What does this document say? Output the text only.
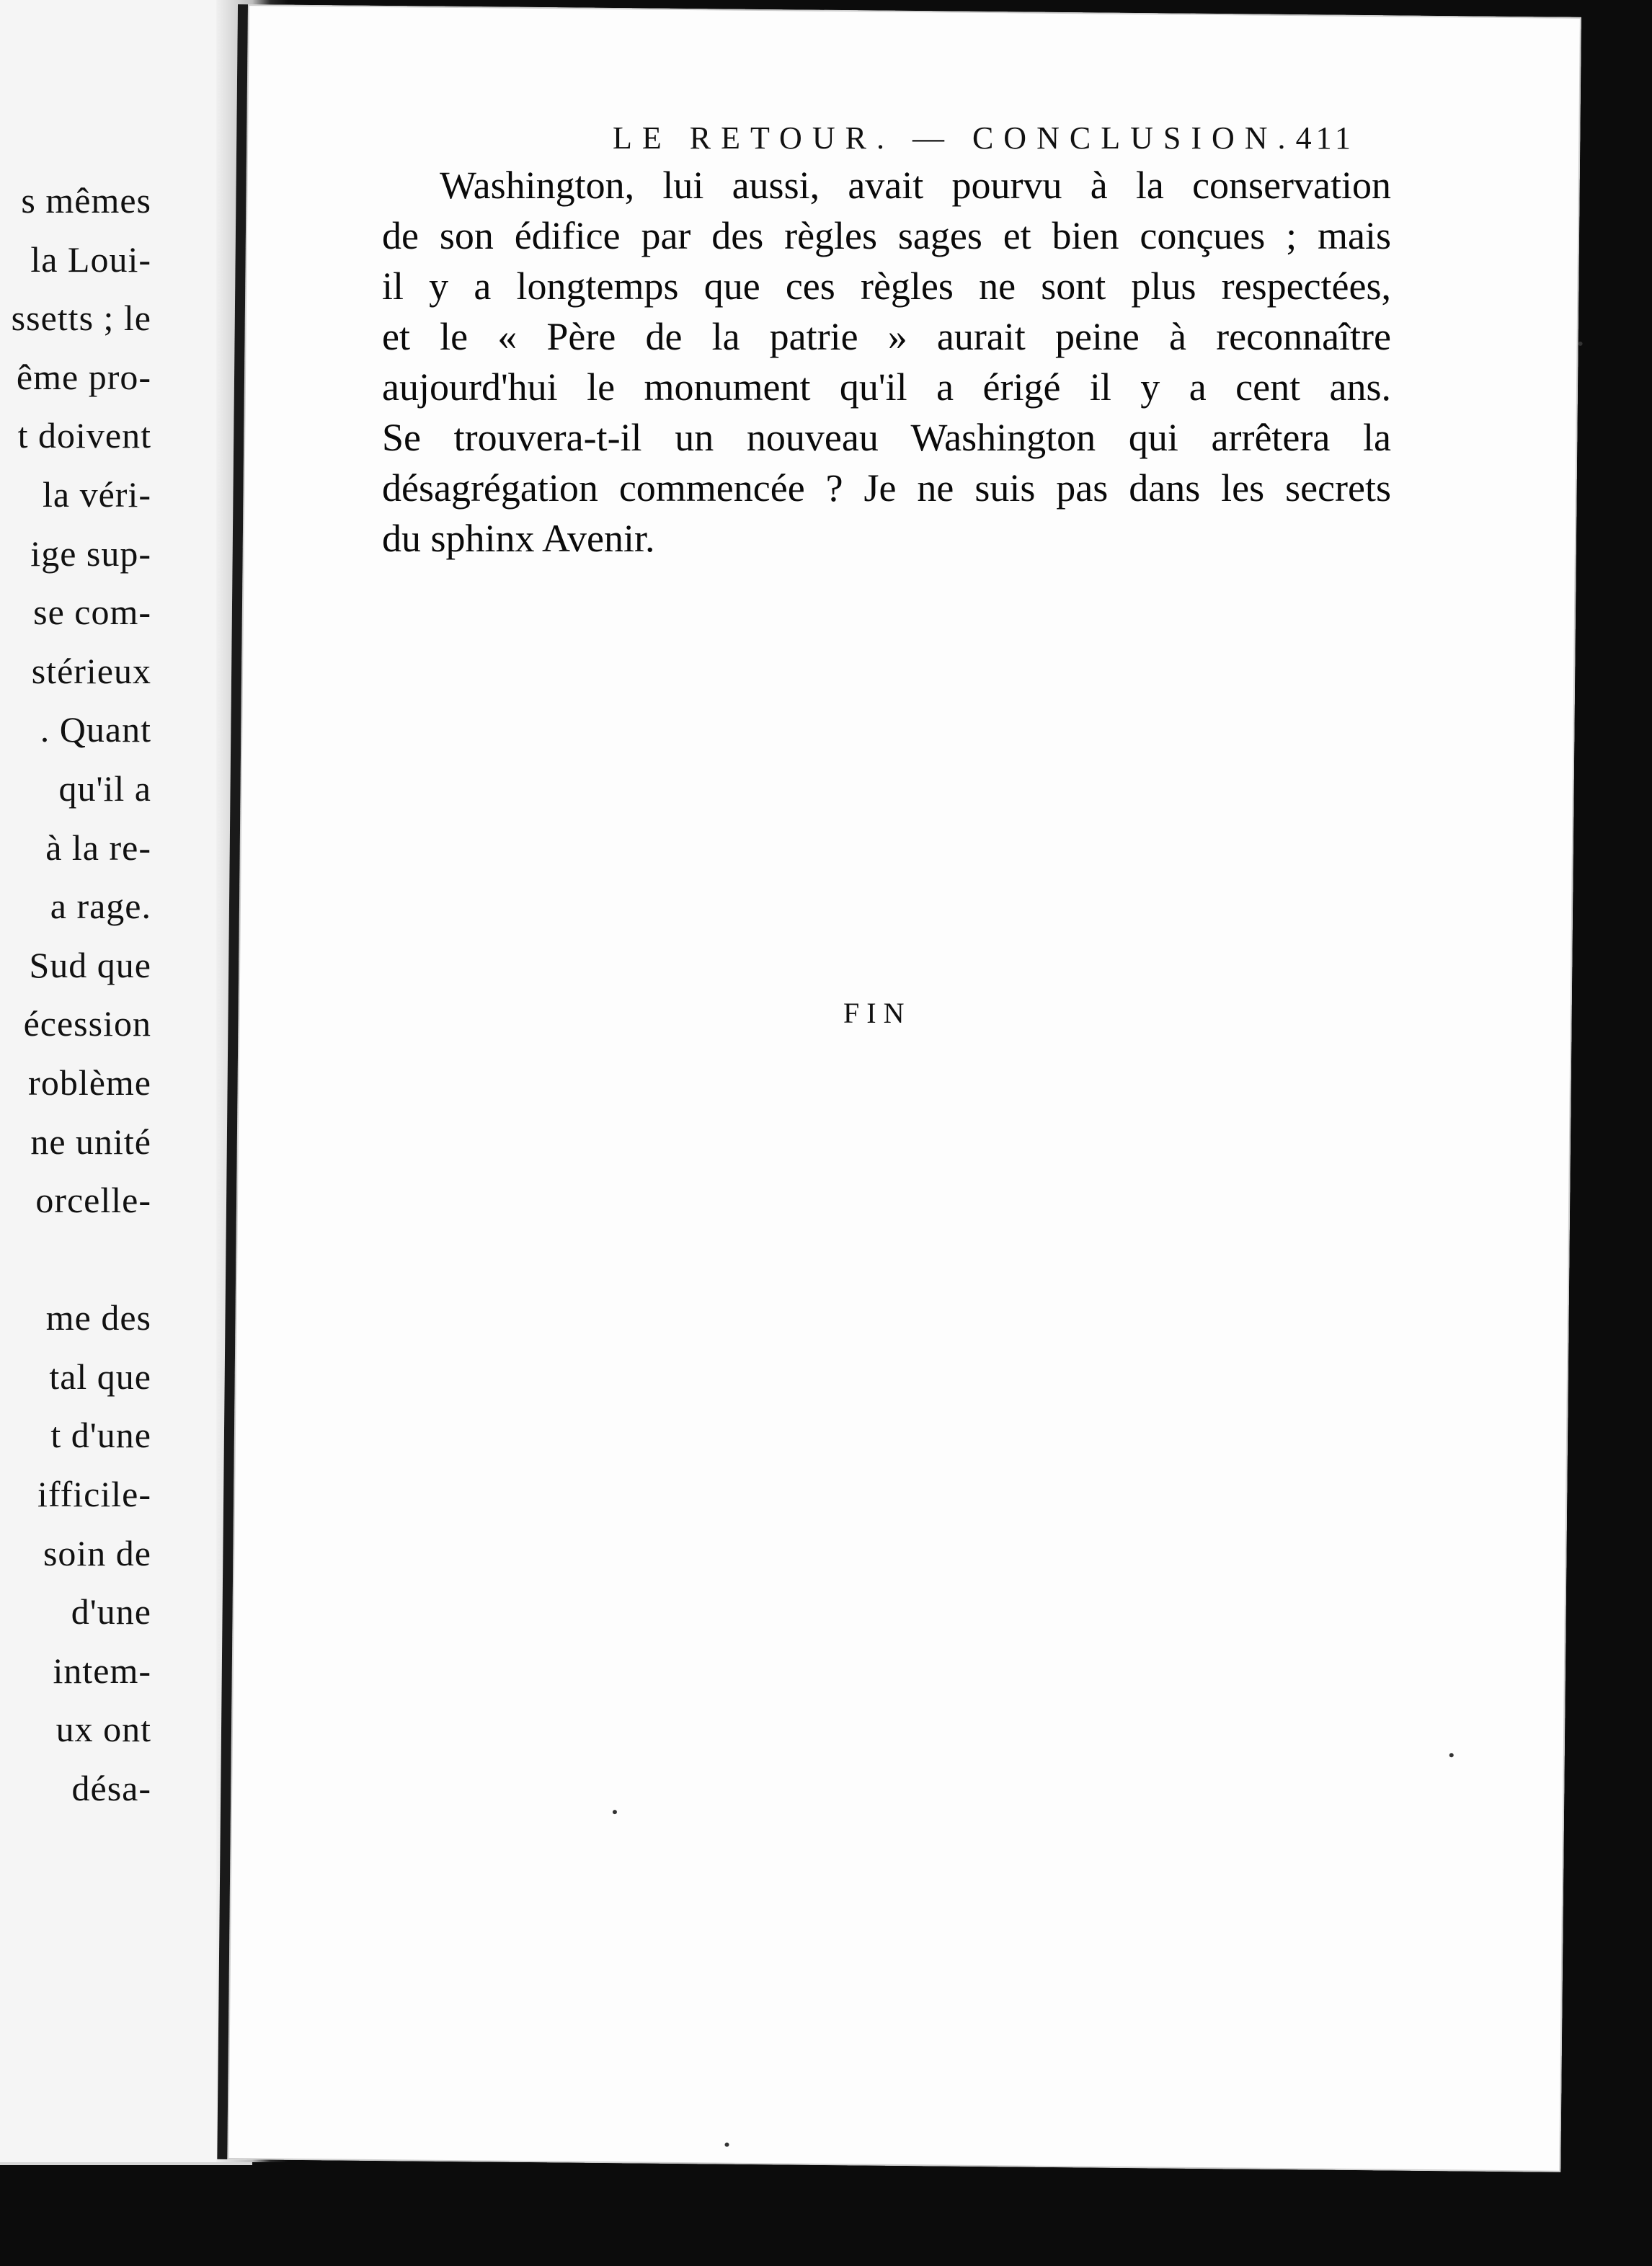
s mêmes
la Loui-
ssetts ; le
ême pro-
t doivent
la véri-
ige sup-
se com-
stérieux
. Quant
qu'il a
à la re-
a rage.
Sud que
écession
roblème
ne unité
orcelle-
me des
tal que
t d'une
ifficile-
soin de
d'une
intem-
ux ont
désa-
LE RETOUR. — CONCLUSION. 411
Washington, lui aussi, avait pourvu à la conservation
de son édifice par des règles sages et bien conçues ; mais
il y a longtemps que ces règles ne sont plus respectées,
et le « Père de la patrie » aurait peine à reconnaître
aujourd'hui le monument qu'il a érigé il y a cent ans.
Se trouvera-t-il un nouveau Washington qui arrêtera la
désagrégation commencée ? Je ne suis pas dans les secrets
du sphinx Avenir.
FIN
